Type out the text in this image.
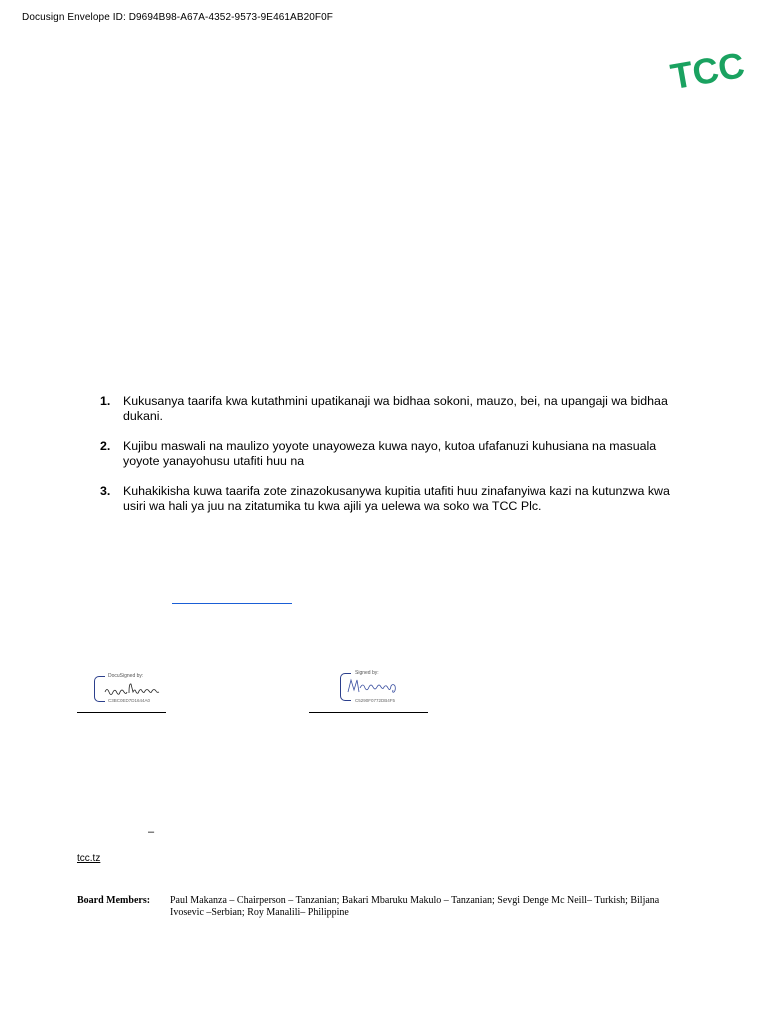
Docusign Envelope ID: D9694B98-A67A-4352-9573-9E461AB20F0F
TCC
1. Kukusanya taarifa kwa kutathmini upatikanaji wa bidhaa sokoni, mauzo, bei, na upangaji wa bidhaa dukani.
2. Kujibu maswali na maulizo yoyote unayoweza kuwa nayo, kutoa ufafanuzi kuhusiana na masuala yoyote yanayohusu utafiti huu na
3. Kuhakikisha kuwa taarifa zote zinazokusanywa kupitia utafiti huu zinafanyiwa kazi na kutunzwa kwa usiri wa hali ya juu na zitatumika tu kwa ajili ya uelewa wa soko wa TCC Plc.
DocuSigned by:
C3BC0ED7D1644A0
Signed by:
C5290F0772DB4F5
–
tcc.tz
Board Members: Paul Makanza – Chairperson – Tanzanian; Bakari Mbaruku Makulo – Tanzanian; Sevgi Denge Mc Neill– Turkish; Biljana Ivosevic –Serbian; Roy Manalili– Philippine
